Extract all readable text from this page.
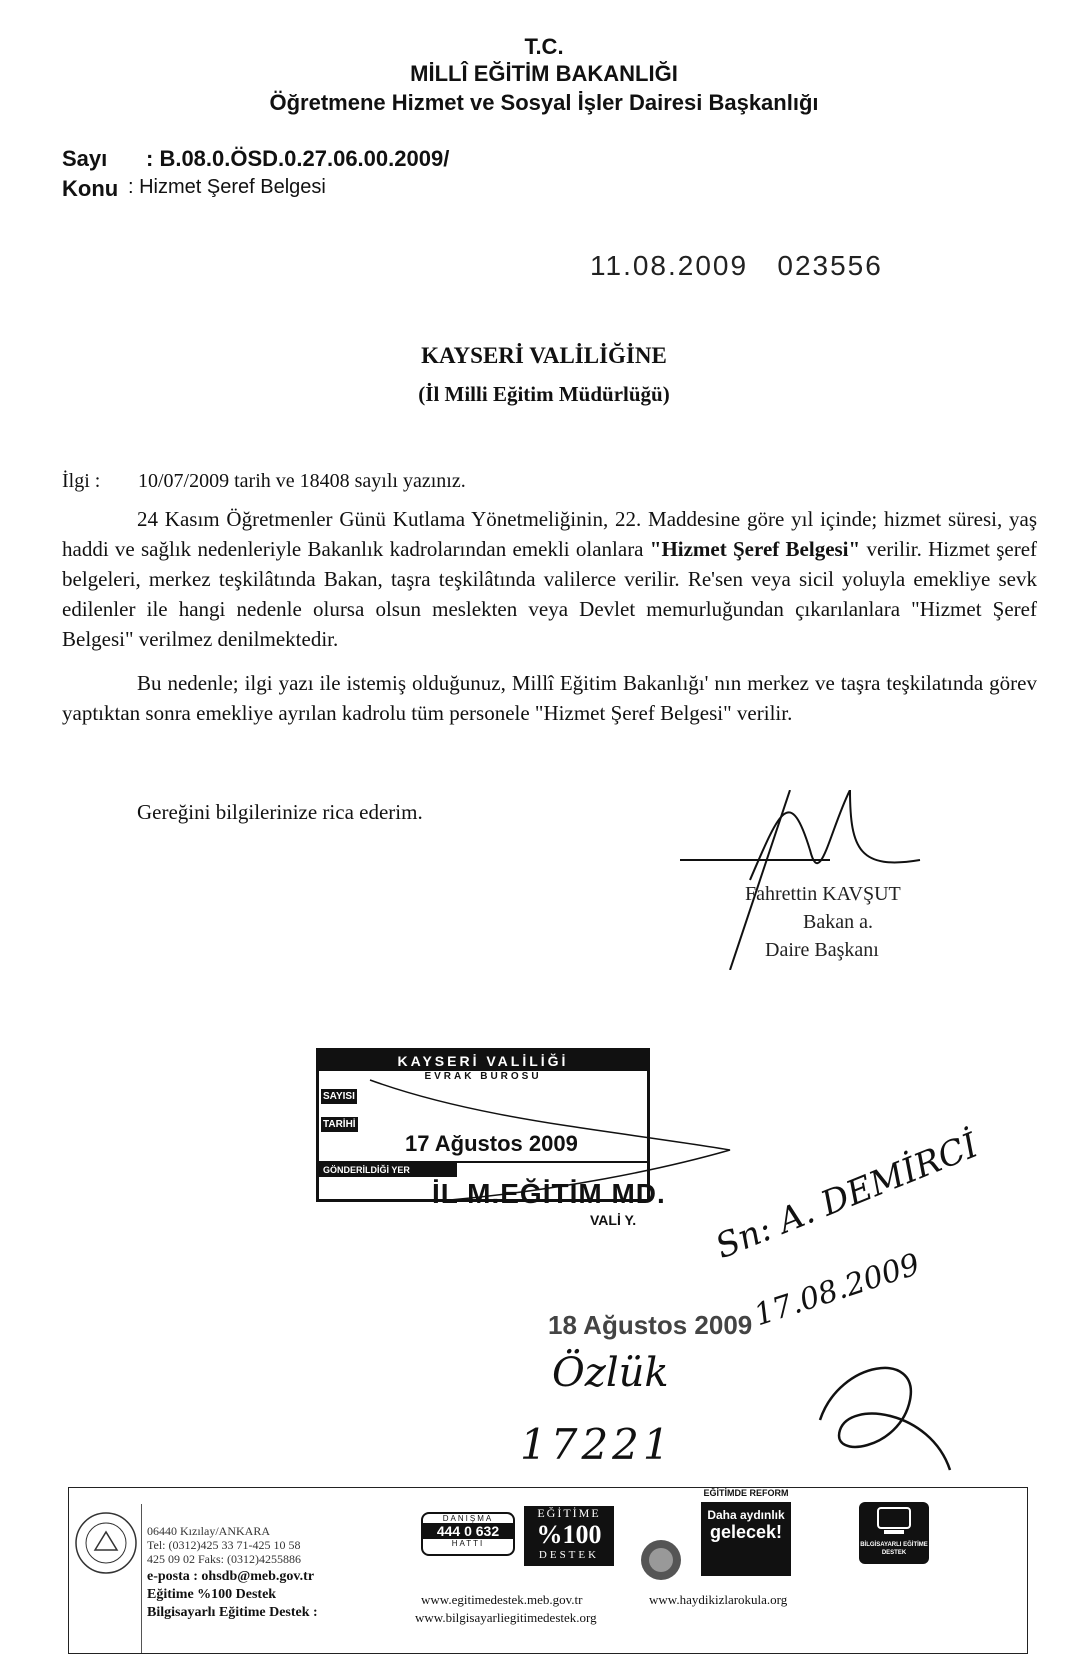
T.C.
MİLLÎ EĞİTİM BAKANLIĞI
Öğretmene Hizmet ve Sosyal İşler Dairesi Başkanlığı
Sayı : B.08.0.ÖSD.0.27.06.00.2009/
Konu : Hizmet Şeref Belgesi
11.08.2009   023556
KAYSERİ VALİLİĞİNE
(İl Milli Eğitim Müdürlüğü)
İlgi : 10/07/2009 tarih ve 18408 sayılı yazınız.
24 Kasım Öğretmenler Günü Kutlama Yönetmeliğinin, 22. Maddesine göre yıl içinde; hizmet süresi, yaş haddi ve sağlık nedenleriyle Bakanlık kadrolarından emekli olanlara "Hizmet Şeref Belgesi" verilir. Hizmet şeref belgeleri, merkez teşkilâtında Bakan, taşra teşkilâtında valilerce verilir. Re'sen veya sicil yoluyla emekliye sevk edilenler ile hangi nedenle olursa olsun meslekten veya Devlet memurluğundan çıkarılanlara "Hizmet Şeref Belgesi" verilmez denilmektedir.
Bu nedenle; ilgi yazı ile istemiş olduğunuz, Millî Eğitim Bakanlığı' nın merkez ve taşra teşkilatında görev yaptıktan sonra emekliye ayrılan kadrolu tüm personele "Hizmet Şeref Belgesi" verilir.
Gereğini bilgilerinize rica ederim.
Fahrettin KAVŞUT
Bakan a.
Daire Başkanı
KAYSERİ VALİLİĞİ
EVRAK BÜROSU
SAYISI
TARİHİ
17 Ağustos 2009
GÖNDERİLDİĞİ YER
İL M.EĞİTİM MD.
VALİ Y. Sn: A. DEMİRCİ
17.08.2009
18 Ağustos 2009
Özlük
17221
06440 Kızılay/ANKARA
Tel: (0312)425 33 71-425 10 58
425 09 02 Faks: (0312)4255886
e-posta : ohsdb@meb.gov.tr
Eğitime %100 Destek
Bilgisayarlı Eğitime Destek :
DANIŞMA
444 0 632
HATTI
EĞİTİME
%100
DESTEK
EĞİTİMDE REFORM
Daha aydınlık
gelecek!
BİLGİSAYARLI EĞİTİME DESTEK
www.egitimedestek.meb.gov.tr
www.bilgisayarliegitimedestek.org
www.haydikizlarokula.org
